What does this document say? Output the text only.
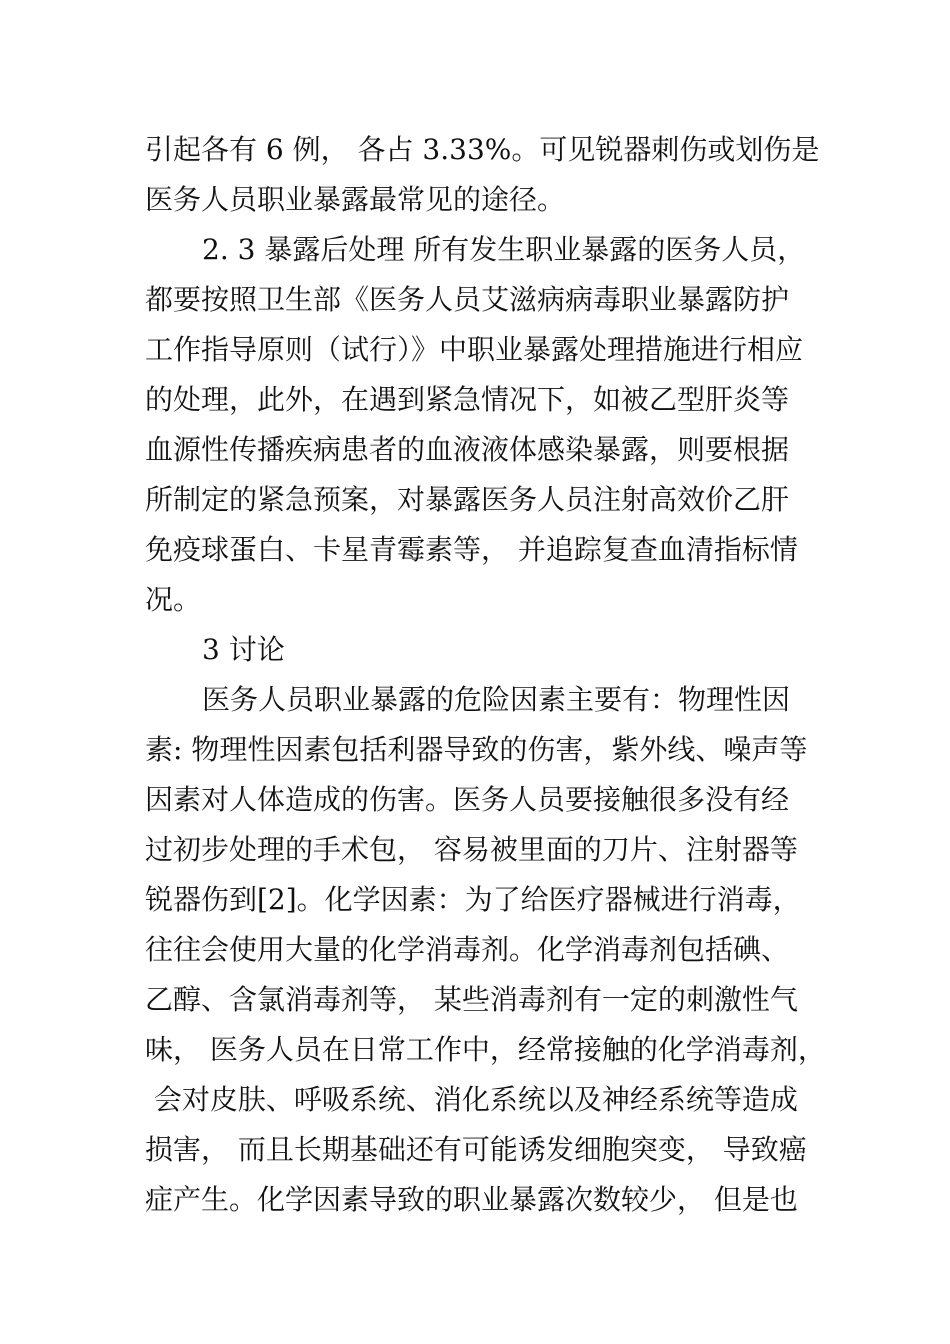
引起各有 6 例， 各占 3.33%。可见锐器刺伤或划伤是
医务人员职业暴露最常见的途径。
2. 3 暴露后处理 所有发生职业暴露的医务人员，
都要按照卫生部《医务人员艾滋病病毒职业暴露防护
工作指导原则（试行）》中职业暴露处理措施进行相应
的处理，此外，在遇到紧急情况下，如被乙型肝炎等
血源性传播疾病患者的血液液体感染暴露，则要根据
所制定的紧急预案，对暴露医务人员注射高效价乙肝
免疫球蛋白、卡星青霉素等， 并追踪复查血清指标情
况。
3 讨论
医务人员职业暴露的危险因素主要有：物理性因
素: 物理性因素包括利器导致的伤害，紫外线、噪声等
因素对人体造成的伤害。医务人员要接触很多没有经
过初步处理的手术包， 容易被里面的刀片、注射器等
锐器伤到[2]。化学因素：为了给医疗器械进行消毒，
往往会使用大量的化学消毒剂。化学消毒剂包括碘、
乙醇、含氯消毒剂等， 某些消毒剂有一定的刺激性气
味， 医务人员在日常工作中，经常接触的化学消毒剂，
会对皮肤、呼吸系统、消化系统以及神经系统等造成
损害， 而且长期基础还有可能诱发细胞突变， 导致癌
症产生。化学因素导致的职业暴露次数较少， 但是也
